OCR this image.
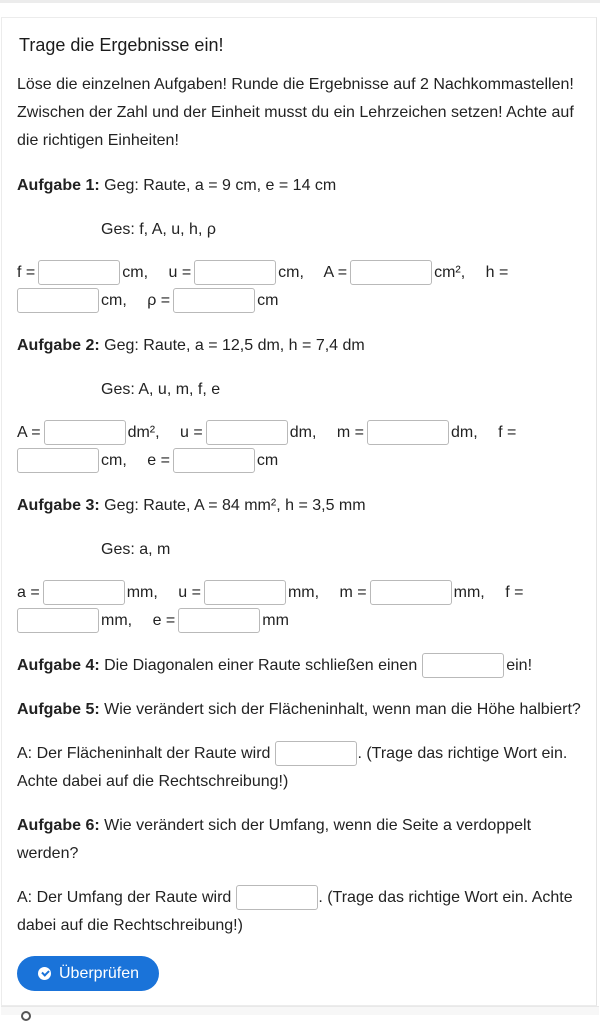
Trage die Ergebnisse ein!
Löse die einzelnen Aufgaben! Runde die Ergebnisse auf 2 Nachkommastellen! Zwischen der Zahl und der Einheit musst du ein Lehrzeichen setzen! Achte auf die richtigen Einheiten!
Aufgabe 1: Geg: Raute, a = 9 cm, e = 14 cm
Ges: f, A, u, h, ρ
f =	cm, u =	cm, A =	cm², h =
cm, ρ =	cm
Aufgabe 2: Geg: Raute, a = 12,5 dm, h = 7,4 dm
Ges: A, u, m, f, e
A =	dm², u =	dm, m =	dm, f =
cm, e =	cm
Aufgabe 3: Geg: Raute, A = 84 mm², h = 3,5 mm
Ges: a, m
a =	mm, u =	mm, m =	mm, f =
mm, e =	mm
Aufgabe 4: Die Diagonalen einer Raute schließen einen	ein!
Aufgabe 5: Wie verändert sich der Flächeninhalt, wenn man die Höhe halbiert?
A: Der Flächeninhalt der Raute wird	. (Trage das richtige Wort ein.
Achte dabei auf die Rechtschreibung!)
Aufgabe 6: Wie verändert sich der Umfang, wenn die Seite a verdoppelt
werden?
A: Der Umfang der Raute wird	. (Trage das richtige Wort ein. Achte
dabei auf die Rechtschreibung!)
Überprüfen
